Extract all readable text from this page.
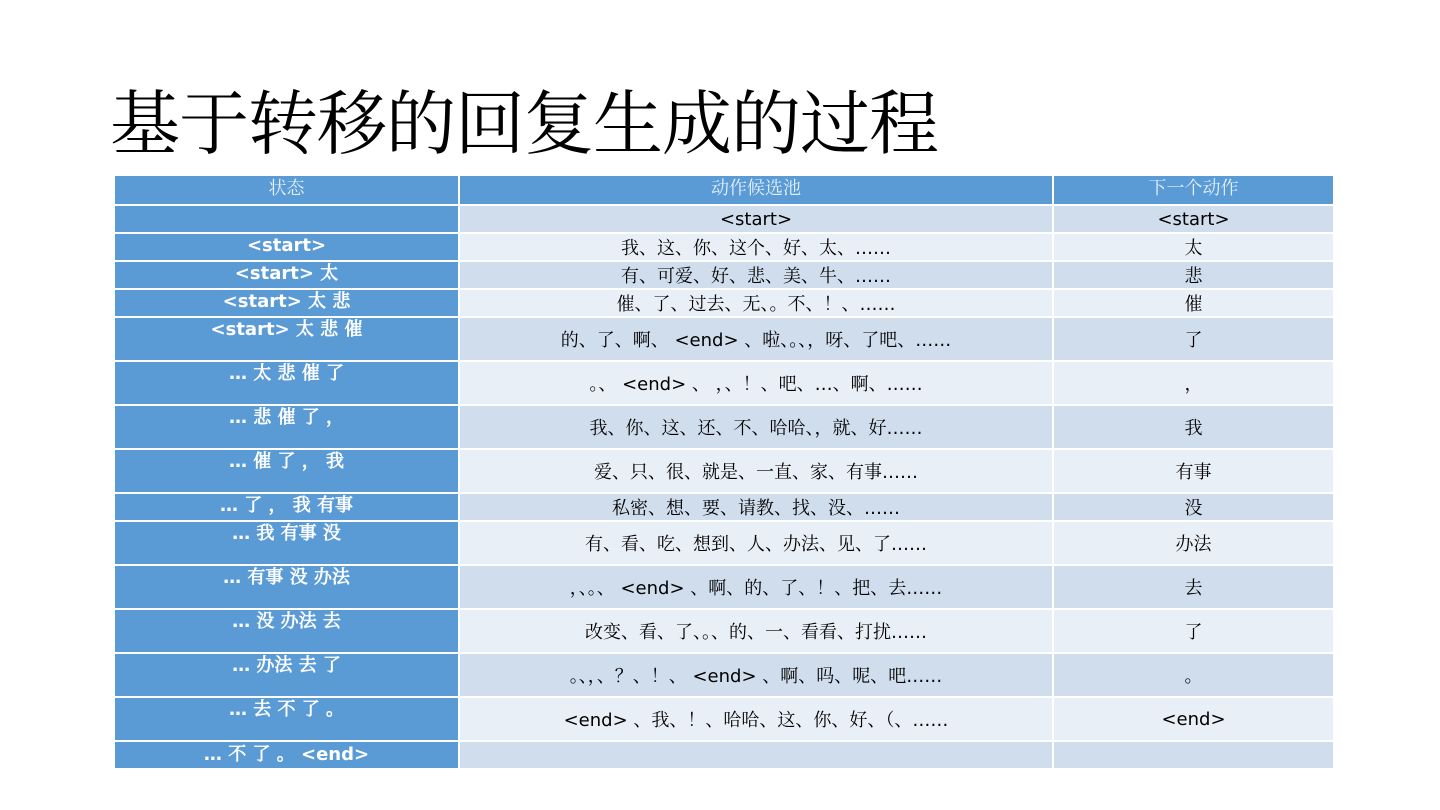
基于转移的回复生成的过程
状态	动作候选池	下一个动作
	<start>	<start>
<start>	我、这、你、这个、好、太、……	太
<start> 太	有、可爱、好、悲、美、牛、……	悲
<start> 太 悲	催、了、过去、无、。不、！、……	催
<start> 太 悲 催	的、了、啊、 <end> 、啦、。、，呀、了吧、……	了
… 太 悲 催 了	。、 <end> 、 ，、！、吧、…、啊、……	，
… 悲 催 了 ，	我、你、这、还、不、哈哈、，就、好……	我
… 催 了 ， 我	爱、只、很、就是、一直、家、有事……	有事
… 了 ， 我 有事	私密、想、要、请教、找、没、……	没
… 我 有事 没	有、看、吃、想到、人、办法、见、了……	办法
… 有事 没 办法	，、。、 <end> 、啊、的、了、！、把、去……	去
… 没 办法 去	改变、看、了、。、的、一、看看、打扰……	了
… 办法 去 了	。、，、？、！、 <end> 、啊、吗、呢、吧……	。
… 去 不 了 。	<end> 、我、！、哈哈、这、你、好、（、……	<end>
… 不 了 。 <end>		
